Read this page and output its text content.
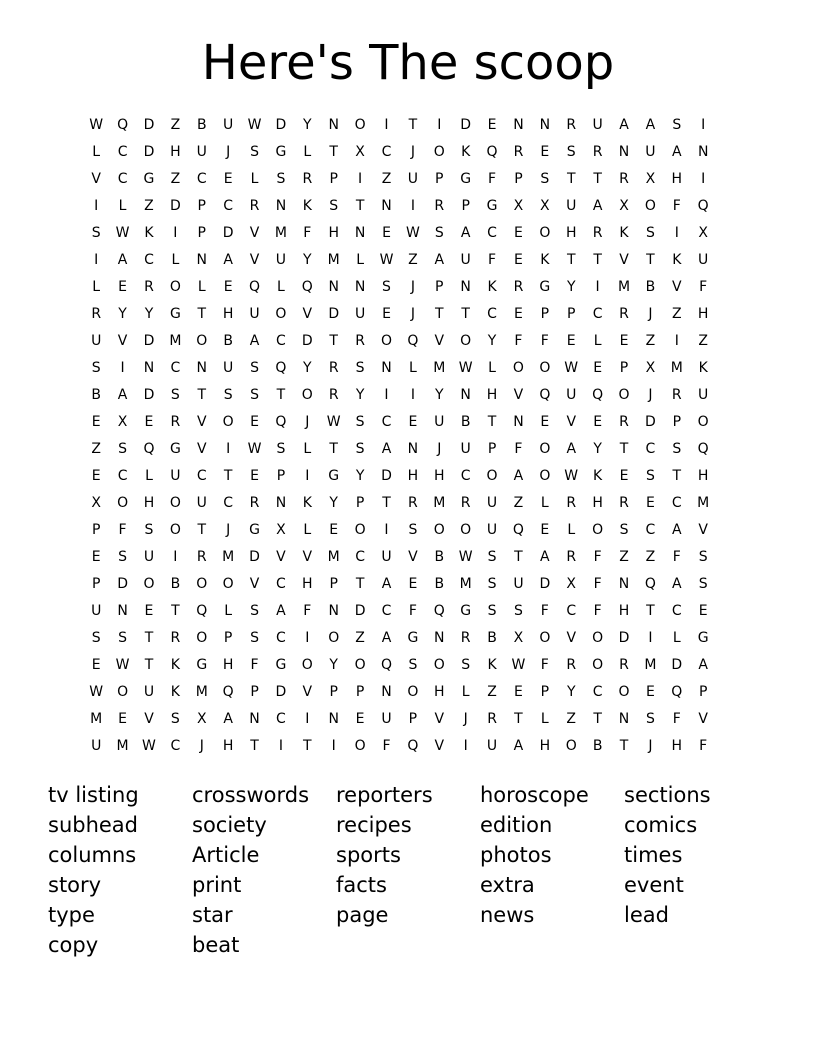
Here's The scoop
W Q	D	Z	B	U	W	D	Y	N	O	I	T	I	D	E	N	N	R	U	A	A	S	I
L	C	D	H	U	J	S	G	L	T	X	C	J	O	K	Q	R	E	S	R	N	U	A	N
V	C	G	Z	C	E	L	S	R	P	I	Z	U	P	G	F	P	S	T	T	R	X	H	I
I	L	Z	D	P	C	R	N	K	S	T	N	I	R	P	G	X	X	U	A	X	O	F	Q
S	W	K	I	P	D	V	M	F	H	N	E	W	S	A	C	E	O	H	R	K	S	I	X
I	A	C	L	N	A	V	U	Y	M	L	W	Z	A	U	F	E	K	T	T	V	T	K	U
L	E	R	O	L	E	Q	L	Q	N	N	S	J	P	N	K	R	G	Y	I	M	B	V	F
R	Y	Y	G	T	H	U	O	V	D	U	E	J	T	T	C	E	P	P	C	R	J	Z	H
U	V	D	M	O	B	A	C	D	T	R	O	Q	V	O	Y	F	F	E	L	E	Z	I	Z
S	I	N	C	N	U	S	Q	Y	R	S	N	L	M W	L	O	O W	E	P	X	M	K
B	A	D	S	T	S	S	T	O	R	Y	I	I	Y	N	H	V	Q	U	Q	O	J	R	U
E	X	E	R	V	O	E	Q	J	W	S	C	E	U	B	T	N	E	V	E	R	D	P	O
Z	S	Q	G	V	I	W	S	L	T	S	A	N	J	U	P	F	O	A	Y	T	C	S	Q
E	C	L	U	C	T	E	P	I	G	Y	D	H	H	C	O	A	O W	K	E	S	T	H
X	O	H	O	U	C	R	N	K	Y	P	T	R	M	R	U	Z	L	R	H	R	E	C	M
P	F	S	O	T	J	G	X	L	E	O	I	S	O	O	U	Q	E	L	O	S	C	A	V
E	S	U	I	R	M	D	V	V	M	C	U	V	B	W	S	T	A	R	F	Z	Z	F	S
P	D	O	B	O	O	V	C	H	P	T	A	E	B	M	S	U	D	X	F	N	Q	A	S
U	N	E	T	Q	L	S	A	F	N	D	C	F	Q	G	S	S	F	C	F	H	T	C	E
S	S	T	R	O	P	S	C	I	O	Z	A	G	N	R	B	X	O	V	O	D	I	L	G
E	W	T	K	G	H	F	G	O	Y	O	Q	S	O	S	K	W	F	R	O	R	M	D	A
W O	U	K	M	Q	P	D	V	P	P	N	O	H	L	Z	E	P	Y	C	O	E	Q	P
M	E	V	S	X	A	N	C	I	N	E	U	P	V	J	R	T	L	Z	T	N	S	F	V
U	M W	C	J	H	T	I	T	I	O	F	Q	V	I	U	A	H	O	B	T	J	H	F
tv listing
subhead
columns
story
type
copy
crosswords
society
Article
print
star
beat
reporters
recipes
sports
facts
page
horoscope
edition
photos
extra
news
sections
comics
times
event
lead
